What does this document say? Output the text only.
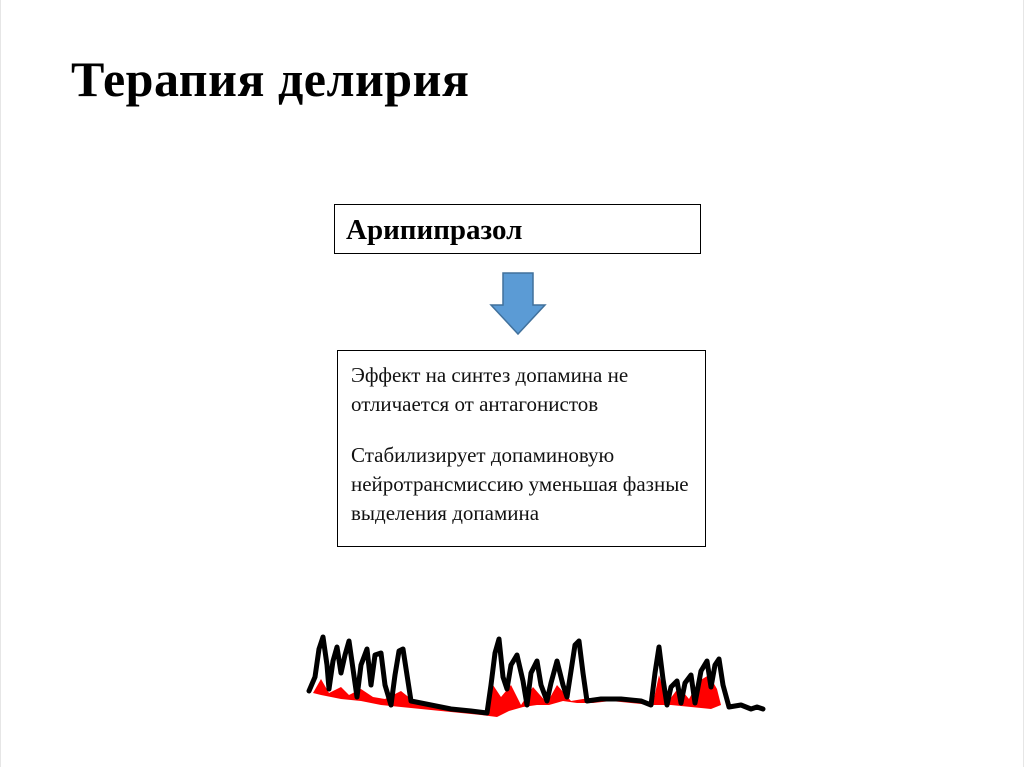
Терапия делирия
Арипипразол

Эффект на синтез допамина не отличается от антагонистов

Стабилизирует допаминовую нейротрансмиссию уменьшая фазные выделения допамина
